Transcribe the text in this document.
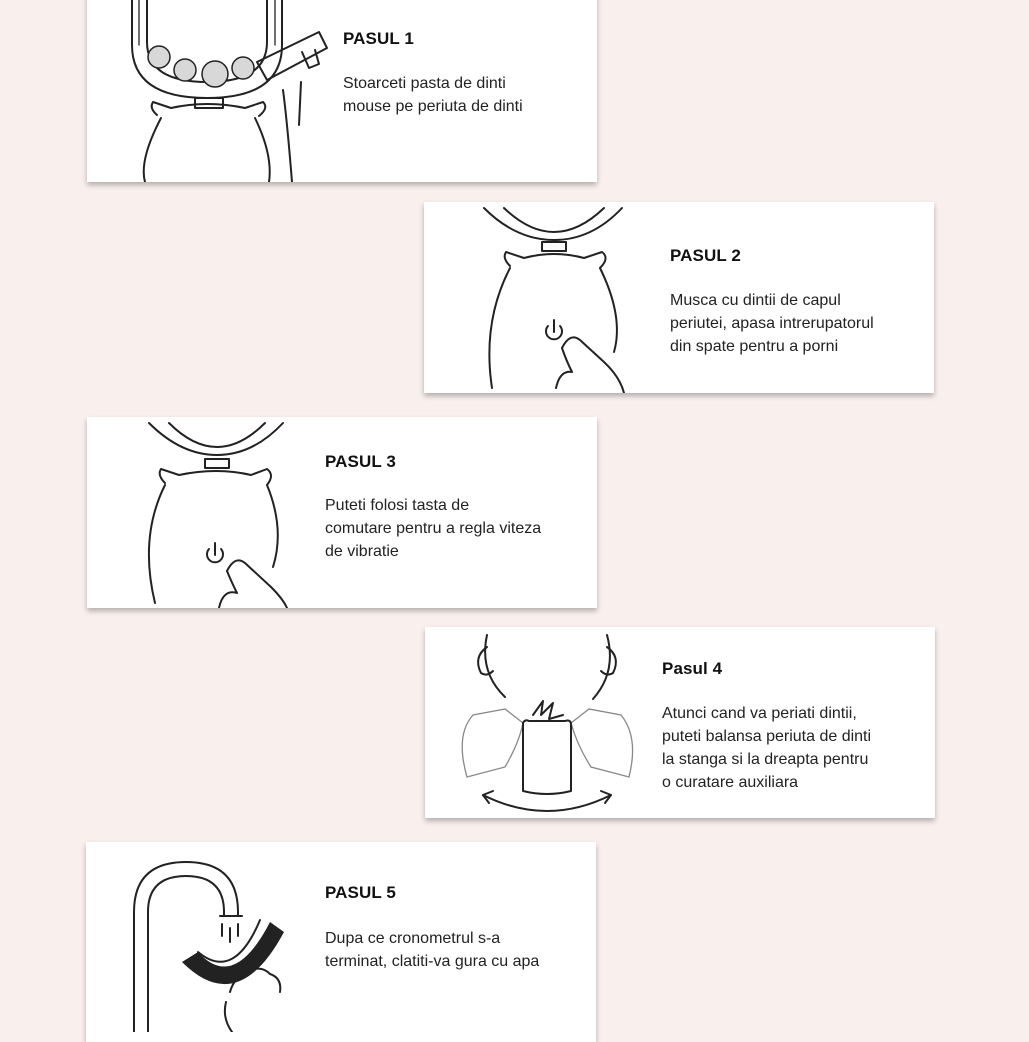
PASUL 1
Stoarceti pasta de dinti
mouse pe periuta de dinti
PASUL 2
Musca cu dintii de capul
periutei, apasa intrerupatorul
din spate pentru a porni
PASUL 3
Puteti folosi tasta de
comutare pentru a regla viteza
de vibratie
Pasul 4
Atunci cand va periati dintii,
puteti balansa periuta de dinti
la stanga si la dreapta pentru
o curatare auxiliara
PASUL 5
Dupa ce cronometrul s-a
terminat, clatiti-va gura cu apa
